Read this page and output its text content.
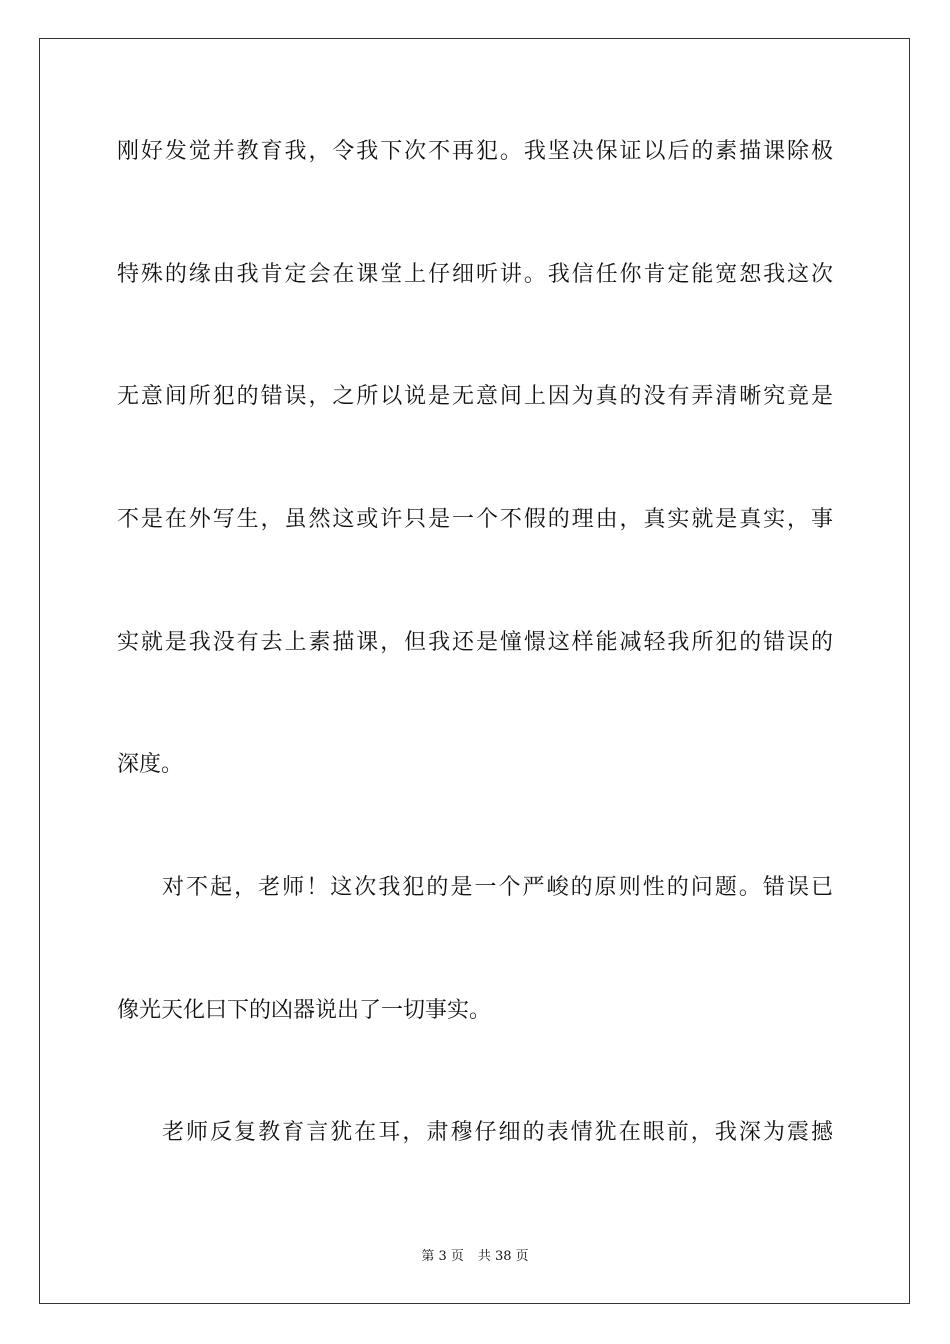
刚好发觉并教育我，令我下次不再犯。我坚决保证以后的素描课除极
特殊的缘由我肯定会在课堂上仔细听讲。我信任你肯定能宽恕我这次
无意间所犯的错误，之所以说是无意间上因为真的没有弄清晰究竟是
不是在外写生，虽然这或许只是一个不假的理由，真实就是真实，事
实就是我没有去上素描课，但我还是憧憬这样能减轻我所犯的错误的
深度。
对不起，老师！这次我犯的是一个严峻的原则性的问题。错误已
像光天化曰下的凶器说出了一切事实。
老师反复教育言犹在耳，肃穆仔细的表情犹在眼前，我深为震撼
第 3 页 共 38 页
